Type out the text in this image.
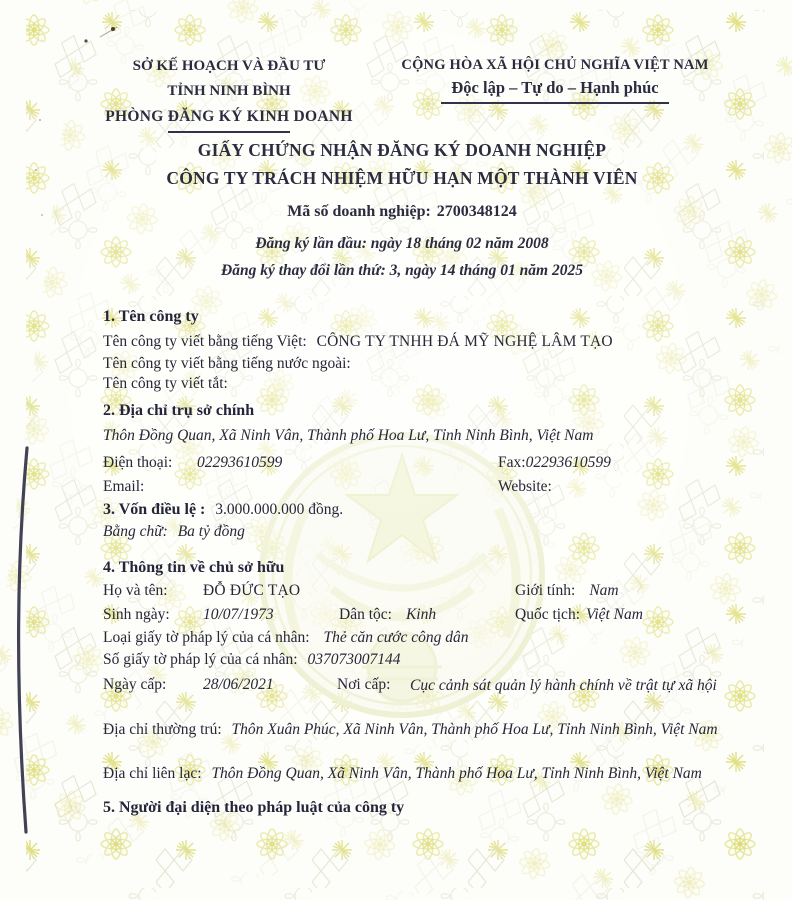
SỞ KẾ HOẠCH VÀ ĐẦU TƯ
TỈNH NINH BÌNH
PHÒNG ĐĂNG KÝ KINH DOANH
CỘNG HÒA XÃ HỘI CHỦ NGHĨA VIỆT NAM
Độc lập – Tự do – Hạnh phúc
GIẤY CHỨNG NHẬN ĐĂNG KÝ DOANH NGHIỆP
CÔNG TY TRÁCH NHIỆM HỮU HẠN MỘT THÀNH VIÊN
Mã số doanh nghiệp: 2700348124
Đăng ký lần đầu: ngày 18 tháng 02 năm 2008
Đăng ký thay đổi lần thứ: 3, ngày 14 tháng 01 năm 2025
1. Tên công ty
Tên công ty viết bằng tiếng Việt: CÔNG TY TNHH ĐÁ MỸ NGHỆ LÂM TẠO
Tên công ty viết bằng tiếng nước ngoài:
Tên công ty viết tắt:
2. Địa chỉ trụ sở chính
Thôn Đồng Quan, Xã Ninh Vân, Thành phố Hoa Lư, Tỉnh Ninh Bình, Việt Nam
Điện thoại: 02293610599	Fax:02293610599
Email:	Website:
3. Vốn điều lệ : 3.000.000.000 đồng.
Bằng chữ: Ba tỷ đồng
4. Thông tin về chủ sở hữu
Họ và tên: ĐỖ ĐỨC TẠO	Giới tính: Nam
Sinh ngày: 10/07/1973	Dân tộc: Kinh	Quốc tịch: Việt Nam
Loại giấy tờ pháp lý của cá nhân: Thẻ căn cước công dân
Số giấy tờ pháp lý của cá nhân: 037073007144
Ngày cấp: 28/06/2021	Nơi cấp: Cục cảnh sát quản lý hành chính về trật tự xã hội
Địa chỉ thường trú: Thôn Xuân Phúc, Xã Ninh Vân, Thành phố Hoa Lư, Tỉnh Ninh Bình, Việt Nam
Địa chỉ liên lạc: Thôn Đồng Quan, Xã Ninh Vân, Thành phố Hoa Lư, Tỉnh Ninh Bình, Việt Nam
5. Người đại diện theo pháp luật của công ty
